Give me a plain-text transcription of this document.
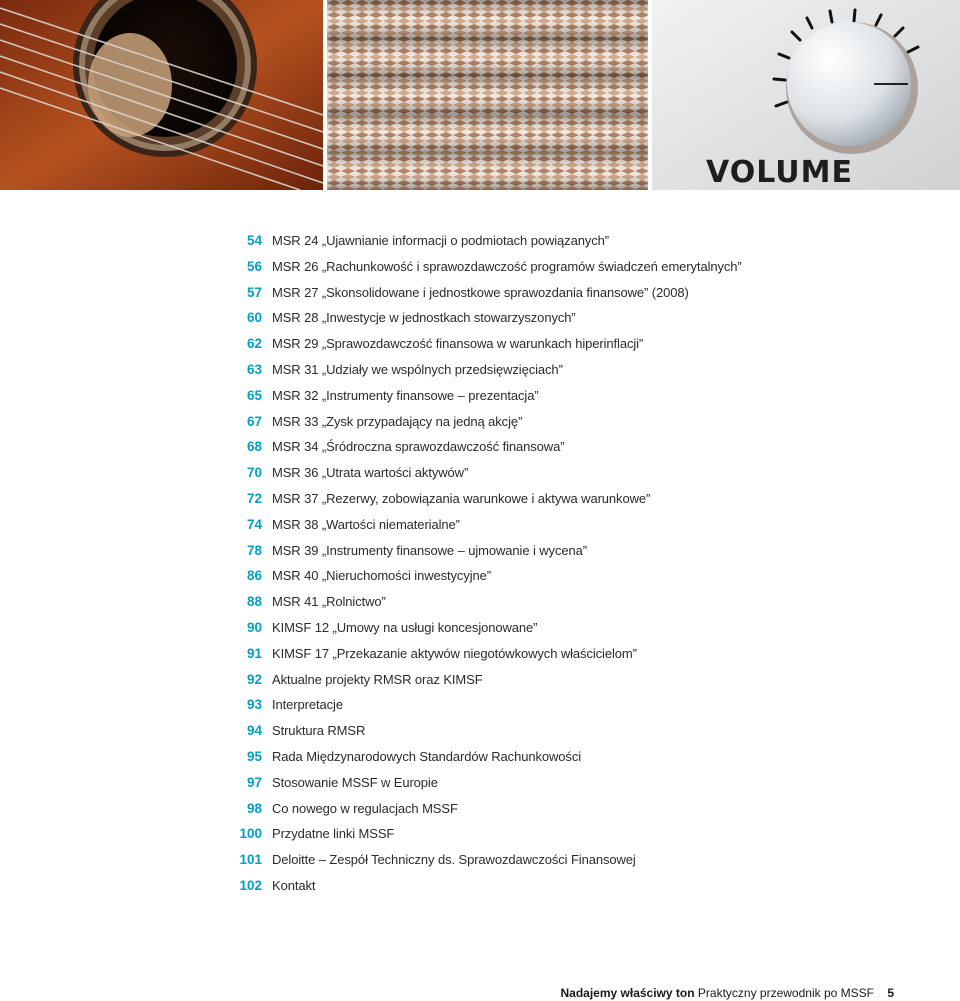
VOLUME
54 MSR 24 „Ujawnianie informacji o podmiotach powiązanych”
56 MSR 26 „Rachunkowość i sprawozdawczość programów świadczeń emerytalnych”
57 MSR 27 „Skonsolidowane i jednostkowe sprawozdania finansowe” (2008)
60 MSR 28 „Inwestycje w jednostkach stowarzyszonych”
62 MSR 29 „Sprawozdawczość finansowa w warunkach hiperinflacji”
63 MSR 31 „Udziały we wspólnych przedsięwzięciach”
65 MSR 32 „Instrumenty finansowe – prezentacja”
67 MSR 33 „Zysk przypadający na jedną akcję”
68 MSR 34 „Śródroczna sprawozdawczość finansowa”
70 MSR 36 „Utrata wartości aktywów”
72 MSR 37 „Rezerwy, zobowiązania warunkowe i aktywa warunkowe”
74 MSR 38 „Wartości niematerialne”
78 MSR 39 „Instrumenty finansowe – ujmowanie i wycena”
86 MSR 40 „Nieruchomości inwestycyjne”
88 MSR 41 „Rolnictwo”
90 KIMSF 12 „Umowy na usługi koncesjonowane”
91 KIMSF 17 „Przekazanie aktywów niegotówkowych właścicielom”
92 Aktualne projekty RMSR oraz KIMSF
93 Interpretacje
94 Struktura RMSR
95 Rada Międzynarodowych Standardów Rachunkowości
97 Stosowanie MSSF w Europie
98 Co nowego w regulacjach MSSF
100 Przydatne linki MSSF
101 Deloitte – Zespół Techniczny ds. Sprawozdawczości Finansowej
102 Kontakt
Nadajemy właściwy ton Praktyczny przewodnik po MSSF 5
